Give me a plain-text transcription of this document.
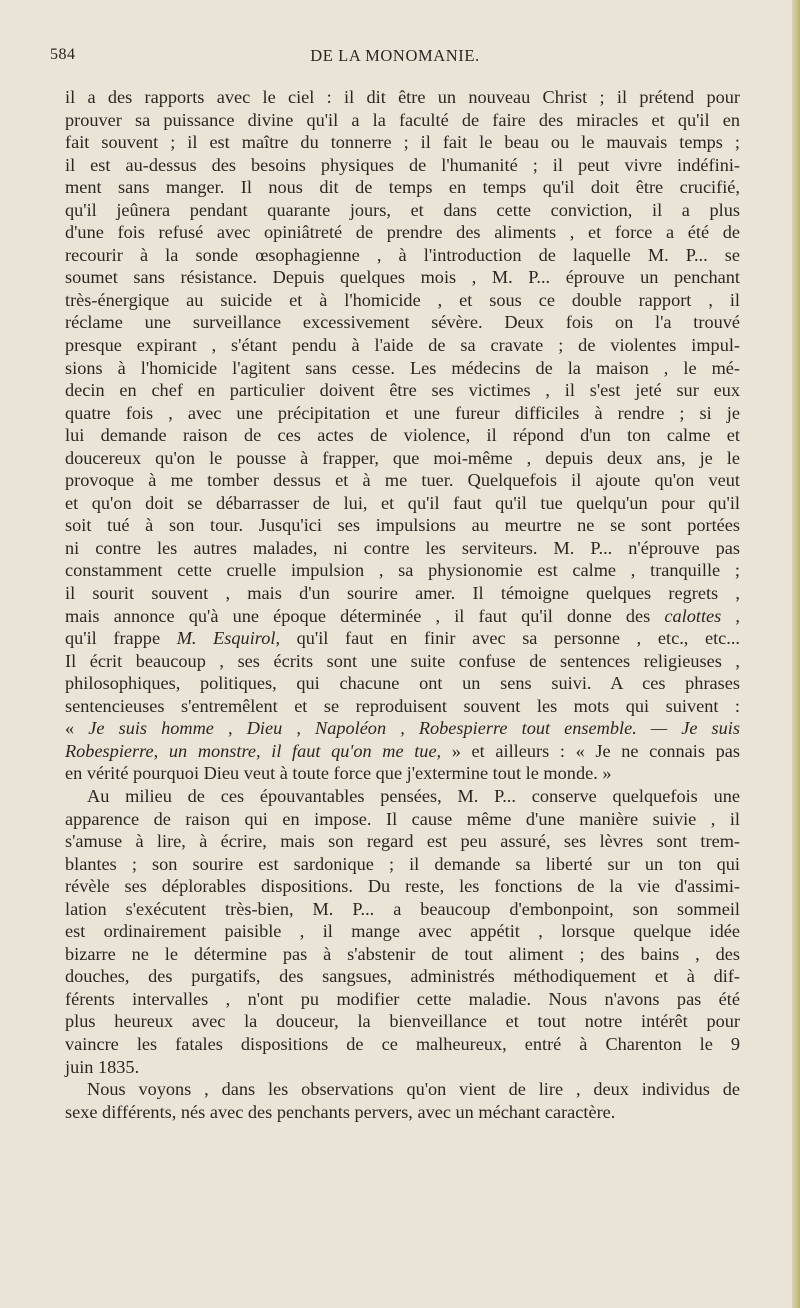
584	DE LA MONOMANIE.
il a des rapports avec le ciel : il dit être un nouveau Christ ; il prétend pour
prouver sa puissance divine qu'il a la faculté de faire des miracles et qu'il en
fait souvent ; il est maître du tonnerre ; il fait le beau ou le mauvais temps ;
il est au-dessus des besoins physiques de l'humanité ; il peut vivre indéfini-
ment sans manger. Il nous dit de temps en temps qu'il doit être crucifié,
qu'il jeûnera pendant quarante jours, et dans cette conviction, il a plus
d'une fois refusé avec opiniâtreté de prendre des aliments , et force a été de
recourir à la sonde œsophagienne , à l'introduction de laquelle M. P... se
soumet sans résistance. Depuis quelques mois , M. P... éprouve un penchant
très-énergique au suicide et à l'homicide , et sous ce double rapport , il
réclame une surveillance excessivement sévère. Deux fois on l'a trouvé
presque expirant , s'étant pendu à l'aide de sa cravate ; de violentes impul-
sions à l'homicide l'agitent sans cesse. Les médecins de la maison , le mé-
decin en chef en particulier doivent être ses victimes , il s'est jeté sur eux
quatre fois , avec une précipitation et une fureur difficiles à rendre ; si je
lui demande raison de ces actes de violence, il répond d'un ton calme et
doucereux qu'on le pousse à frapper, que moi-même , depuis deux ans, je le
provoque à me tomber dessus et à me tuer. Quelquefois il ajoute qu'on veut
et qu'on doit se débarrasser de lui, et qu'il faut qu'il tue quelqu'un pour qu'il
soit tué à son tour. Jusqu'ici ses impulsions au meurtre ne se sont portées
ni contre les autres malades, ni contre les serviteurs. M. P... n'éprouve pas
constamment cette cruelle impulsion , sa physionomie est calme , tranquille ;
il sourit souvent , mais d'un sourire amer. Il témoigne quelques regrets ,
mais annonce qu'à une époque déterminée , il faut qu'il donne des calottes ,
qu'il frappe M. Esquirol, qu'il faut en finir avec sa personne , etc., etc...
Il écrit beaucoup , ses écrits sont une suite confuse de sentences religieuses ,
philosophiques, politiques, qui chacune ont un sens suivi. A ces phrases
sentencieuses s'entremêlent et se reproduisent souvent les mots qui suivent :
« Je suis homme , Dieu , Napoléon , Robespierre tout ensemble. — Je suis
Robespierre, un monstre, il faut qu'on me tue, » et ailleurs : « Je ne connais pas
en vérité pourquoi Dieu veut à toute force que j'extermine tout le monde. »
Au milieu de ces épouvantables pensées, M. P... conserve quelquefois une
apparence de raison qui en impose. Il cause même d'une manière suivie , il
s'amuse à lire, à écrire, mais son regard est peu assuré, ses lèvres sont trem-
blantes ; son sourire est sardonique ; il demande sa liberté sur un ton qui
révèle ses déplorables dispositions. Du reste, les fonctions de la vie d'assimi-
lation s'exécutent très-bien, M. P... a beaucoup d'embonpoint, son sommeil
est ordinairement paisible , il mange avec appétit , lorsque quelque idée
bizarre ne le détermine pas à s'abstenir de tout aliment ; des bains , des
douches, des purgatifs, des sangsues, administrés méthodiquement et à dif-
férents intervalles , n'ont pu modifier cette maladie. Nous n'avons pas été
plus heureux avec la douceur, la bienveillance et tout notre intérêt pour
vaincre les fatales dispositions de ce malheureux, entré à Charenton le 9
juin 1835.
Nous voyons , dans les observations qu'on vient de lire , deux individus de
sexe différents, nés avec des penchants pervers, avec un méchant caractère.
